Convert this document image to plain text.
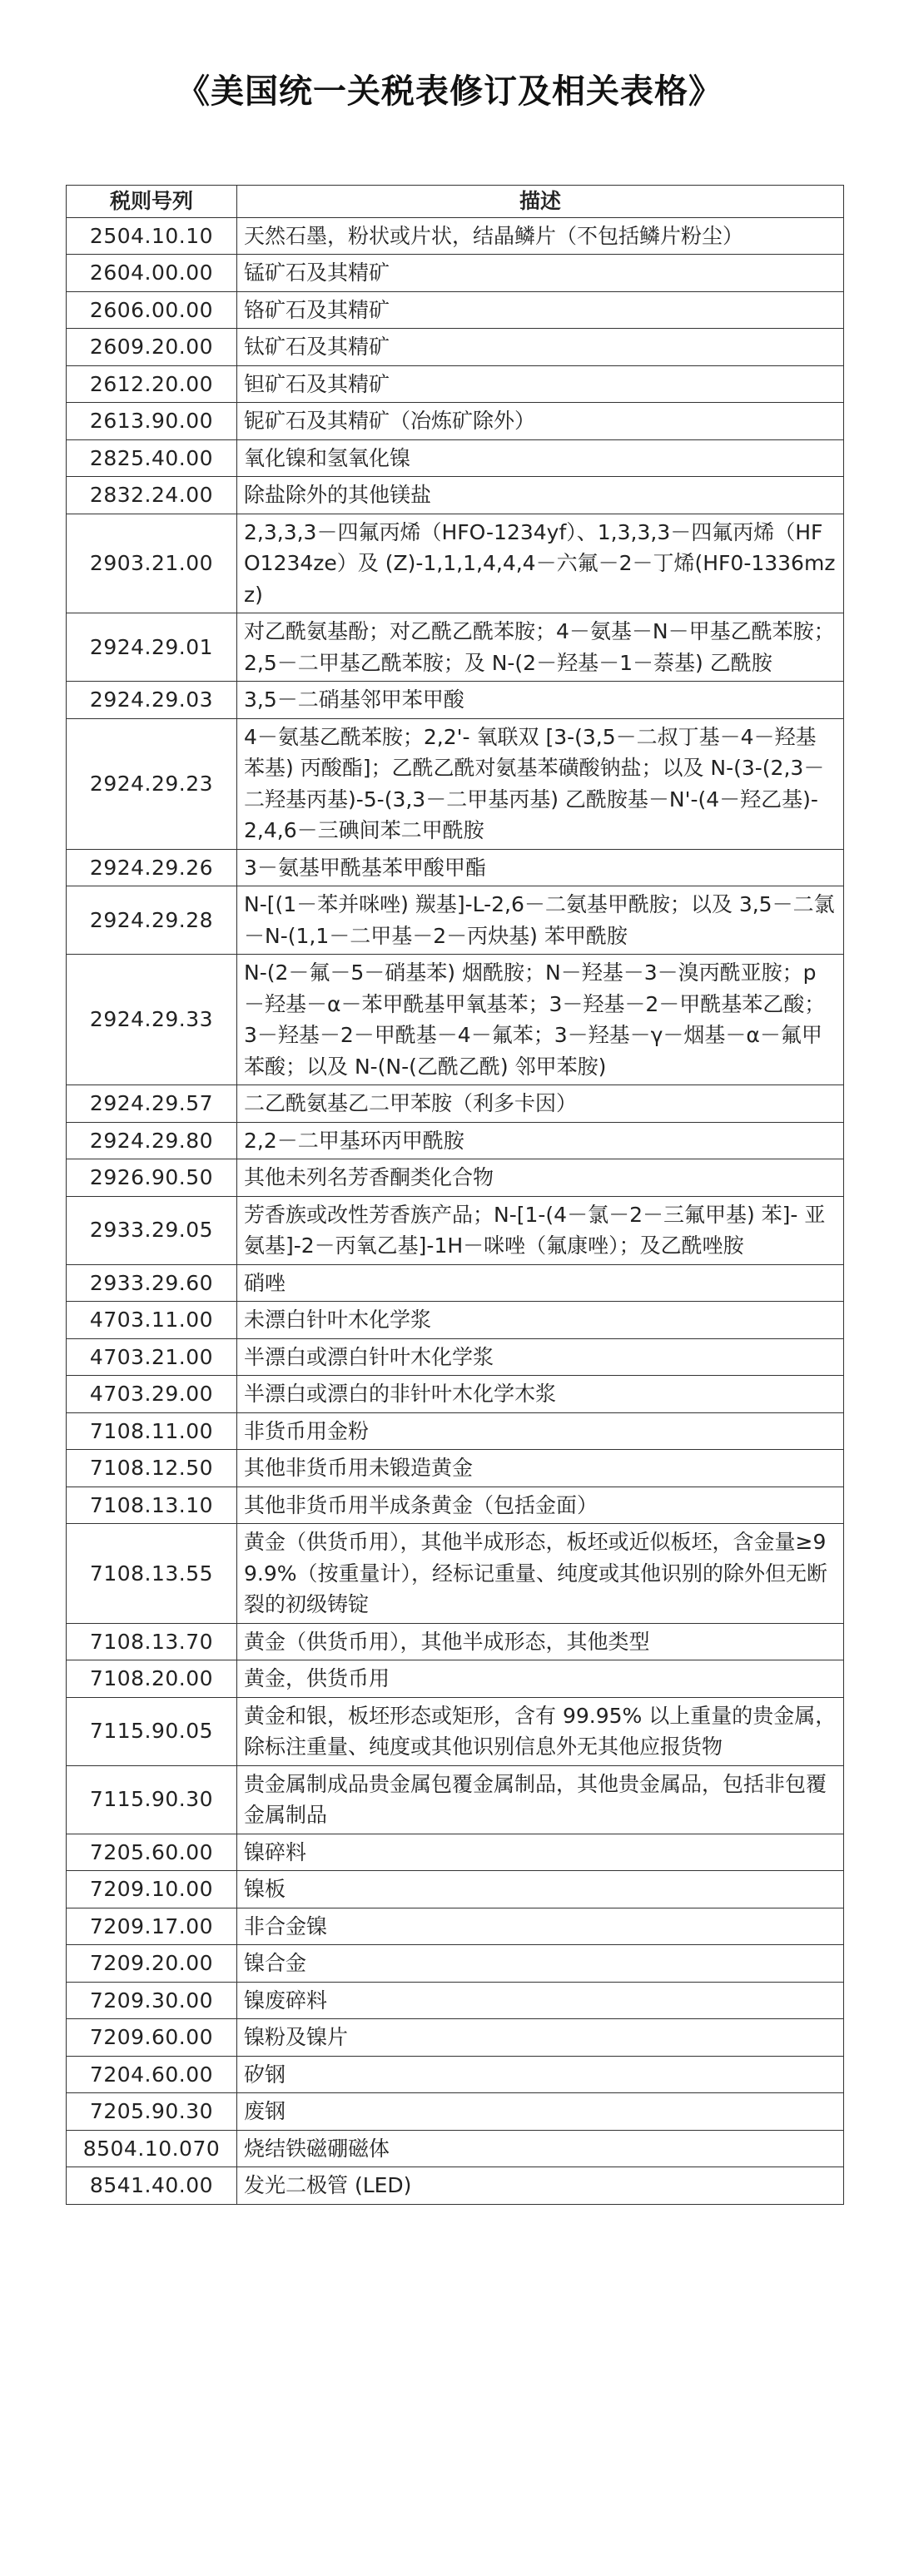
《美国统一关税表修订及相关表格》
税则号列	描述
2504.10.10	天然石墨，粉状或片状，结晶鳞片（不包括鳞片粉尘）
2604.00.00	锰矿石及其精矿
2606.00.00	铬矿石及其精矿
2609.20.00	钛矿石及其精矿
2612.20.00	钽矿石及其精矿
2613.90.00	铌矿石及其精矿（冶炼矿除外）
2825.40.00	氧化镍和氢氧化镍
2832.24.00	除盐除外的其他镁盐
2903.21.00	2,3,3,3－四氟丙烯（HFO-1234yf）、1,3,3,3－四氟丙烯（HFO1234ze）及 (Z)-1,1,1,4,4,4－六氟－2－丁烯(HF0-1336mzz)
2924.29.01	对乙酰氨基酚；对乙酰乙酰苯胺；4－氨基－N－甲基乙酰苯胺；2,5－二甲基乙酰苯胺；及 N-(2－羟基－1－萘基) 乙酰胺
2924.29.03	3,5－二硝基邻甲苯甲酸
2924.29.23	4－氨基乙酰苯胺；2,2'- 氧联双 [3-(3,5－二叔丁基－4－羟基苯基) 丙酸酯]；乙酰乙酰对氨基苯磺酸钠盐；以及 N-(3-(2,3－二羟基丙基)-5-(3,3－二甲基丙基) 乙酰胺基－N'-(4－羟乙基)-2,4,6－三碘间苯二甲酰胺
2924.29.26	3－氨基甲酰基苯甲酸甲酯
2924.29.28	N-[(1－苯并咪唑) 羰基]-L-2,6－二氨基甲酰胺；以及 3,5－二氯－N-(1,1－二甲基－2－丙炔基) 苯甲酰胺
2924.29.33	N-(2－氟－5－硝基苯) 烟酰胺；N－羟基－3－溴丙酰亚胺；p－羟基－α－苯甲酰基甲氧基苯；3－羟基－2－甲酰基苯乙酸；3－羟基－2－甲酰基－4－氟苯；3－羟基－γ－烟基－α－氟甲苯酸；以及 N-(N-(乙酰乙酰) 邻甲苯胺)
2924.29.57	二乙酰氨基乙二甲苯胺（利多卡因）
2924.29.80	2,2－二甲基环丙甲酰胺
2926.90.50	其他未列名芳香酮类化合物
2933.29.05	芳香族或改性芳香族产品；N-[1-(4－氯－2－三氟甲基) 苯]- 亚氨基]-2－丙氧乙基]-1H－咪唑（氟康唑）；及乙酰唑胺
2933.29.60	硝唑
4703.11.00	未漂白针叶木化学浆
4703.21.00	半漂白或漂白针叶木化学浆
4703.29.00	半漂白或漂白的非针叶木化学木浆
7108.11.00	非货币用金粉
7108.12.50	其他非货币用未锻造黄金
7108.13.10	其他非货币用半成条黄金（包括金面）
7108.13.55	黄金（供货币用），其他半成形态，板坯或近似板坯，含金量≥99.9%（按重量计），经标记重量、纯度或其他识别的除外但无断裂的初级铸锭
7108.13.70	黄金（供货币用），其他半成形态，其他类型
7108.20.00	黄金，供货币用
7115.90.05	黄金和银，板坯形态或矩形，含有 99.95% 以上重量的贵金属，除标注重量、纯度或其他识别信息外无其他应报货物
7115.90.30	贵金属制成品贵金属包覆金属制品，其他贵金属品，包括非包覆金属制品
7205.60.00	镍碎料
7209.10.00	镍板
7209.17.00	非合金镍
7209.20.00	镍合金
7209.30.00	镍废碎料
7209.60.00	镍粉及镍片
7204.60.00	矽钢
7205.90.30	废钢
8504.10.070	烧结铁磁硼磁体
8541.40.00	发光二极管 (LED)
